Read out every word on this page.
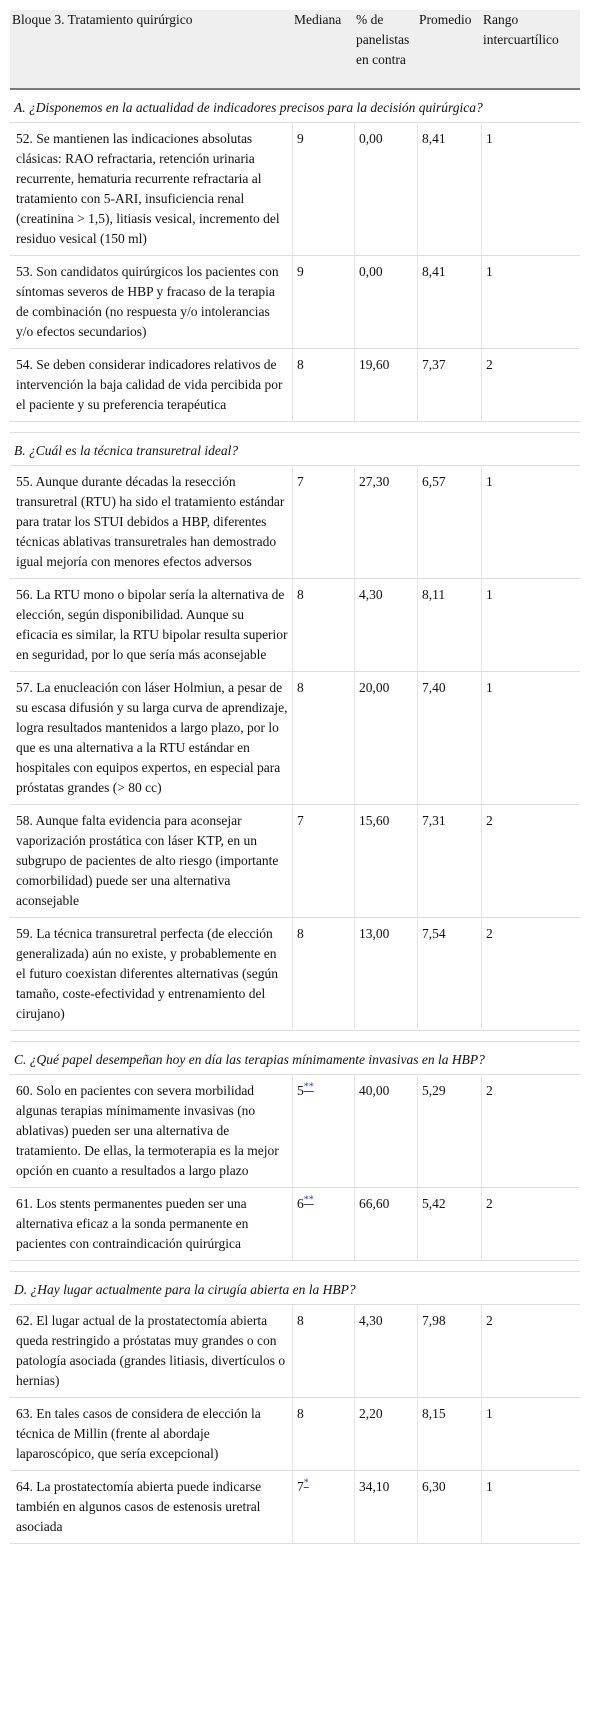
Bloque 3. Tratamiento quirúrgico	Mediana	% de panelistas en contra	Promedio	Rango intercuartílico
A. ¿Disponemos en la actualidad de indicadores precisos para la decisión quirúrgica?				
52. Se mantienen las indicaciones absolutas clásicas: RAO refractaria, retención urinaria recurrente, hematuria recurrente refractaria al tratamiento con 5-ARI, insuficiencia renal (creatinina > 1,5), litiasis vesical, incremento del residuo vesical (150 ml)	9	0,00	8,41	1
53. Son candidatos quirúrgicos los pacientes con síntomas severos de HBP y fracaso de la terapia de combinación (no respuesta y/o intolerancias y/o efectos secundarios)	9	0,00	8,41	1
54. Se deben considerar indicadores relativos de intervención la baja calidad de vida percibida por el paciente y su preferencia terapéutica	8	19,60	7,37	2

B. ¿Cuál es la técnica transuretral ideal?				
55. Aunque durante décadas la resección transuretral (RTU) ha sido el tratamiento estándar para tratar los STUI debidos a HBP, diferentes técnicas ablativas transuretrales han demostrado igual mejoría con menores efectos adversos	7	27,30	6,57	1
56. La RTU mono o bipolar sería la alternativa de elección, según disponibilidad. Aunque su eficacia es similar, la RTU bipolar resulta superior en seguridad, por lo que sería más aconsejable	8	4,30	8,11	1
57. La enucleación con láser Holmiun, a pesar de su escasa difusión y su larga curva de aprendizaje, logra resultados mantenidos a largo plazo, por lo que es una alternativa a la RTU estándar en hospitales con equipos expertos, en especial para próstatas grandes (> 80 cc)	8	20,00	7,40	1
58. Aunque falta evidencia para aconsejar vaporización prostática con láser KTP, en un subgrupo de pacientes de alto riesgo (importante comorbilidad) puede ser una alternativa aconsejable	7	15,60	7,31	2
59. La técnica transuretral perfecta (de elección generalizada) aún no existe, y probablemente en el futuro coexistan diferentes alternativas (según tamaño, coste-efectividad y entrenamiento del cirujano)	8	13,00	7,54	2

C. ¿Qué papel desempeñan hoy en día las terapias mínimamente invasivas en la HBP?				
60. Solo en pacientes con severa morbilidad algunas terapias mínimamente invasivas (no ablativas) pueden ser una alternativa de tratamiento. De ellas, la termoterapia es la mejor opción en cuanto a resultados a largo plazo	5**	40,00	5,29	2
61. Los stents permanentes pueden ser una alternativa eficaz a la sonda permanente en pacientes con contraindicación quirúrgica	6**	66,60	5,42	2

D. ¿Hay lugar actualmente para la cirugía abierta en la HBP?				
62. El lugar actual de la prostatectomía abierta queda restringido a próstatas muy grandes o con patología asociada (grandes litiasis, divertículos o hernias)	8	4,30	7,98	2
63. En tales casos de considera de elección la técnica de Millin (frente al abordaje laparoscópico, que sería excepcional)	8	2,20	8,15	1
64. La prostatectomía abierta puede indicarse también en algunos casos de estenosis uretral asociada	7*	34,10	6,30	1
